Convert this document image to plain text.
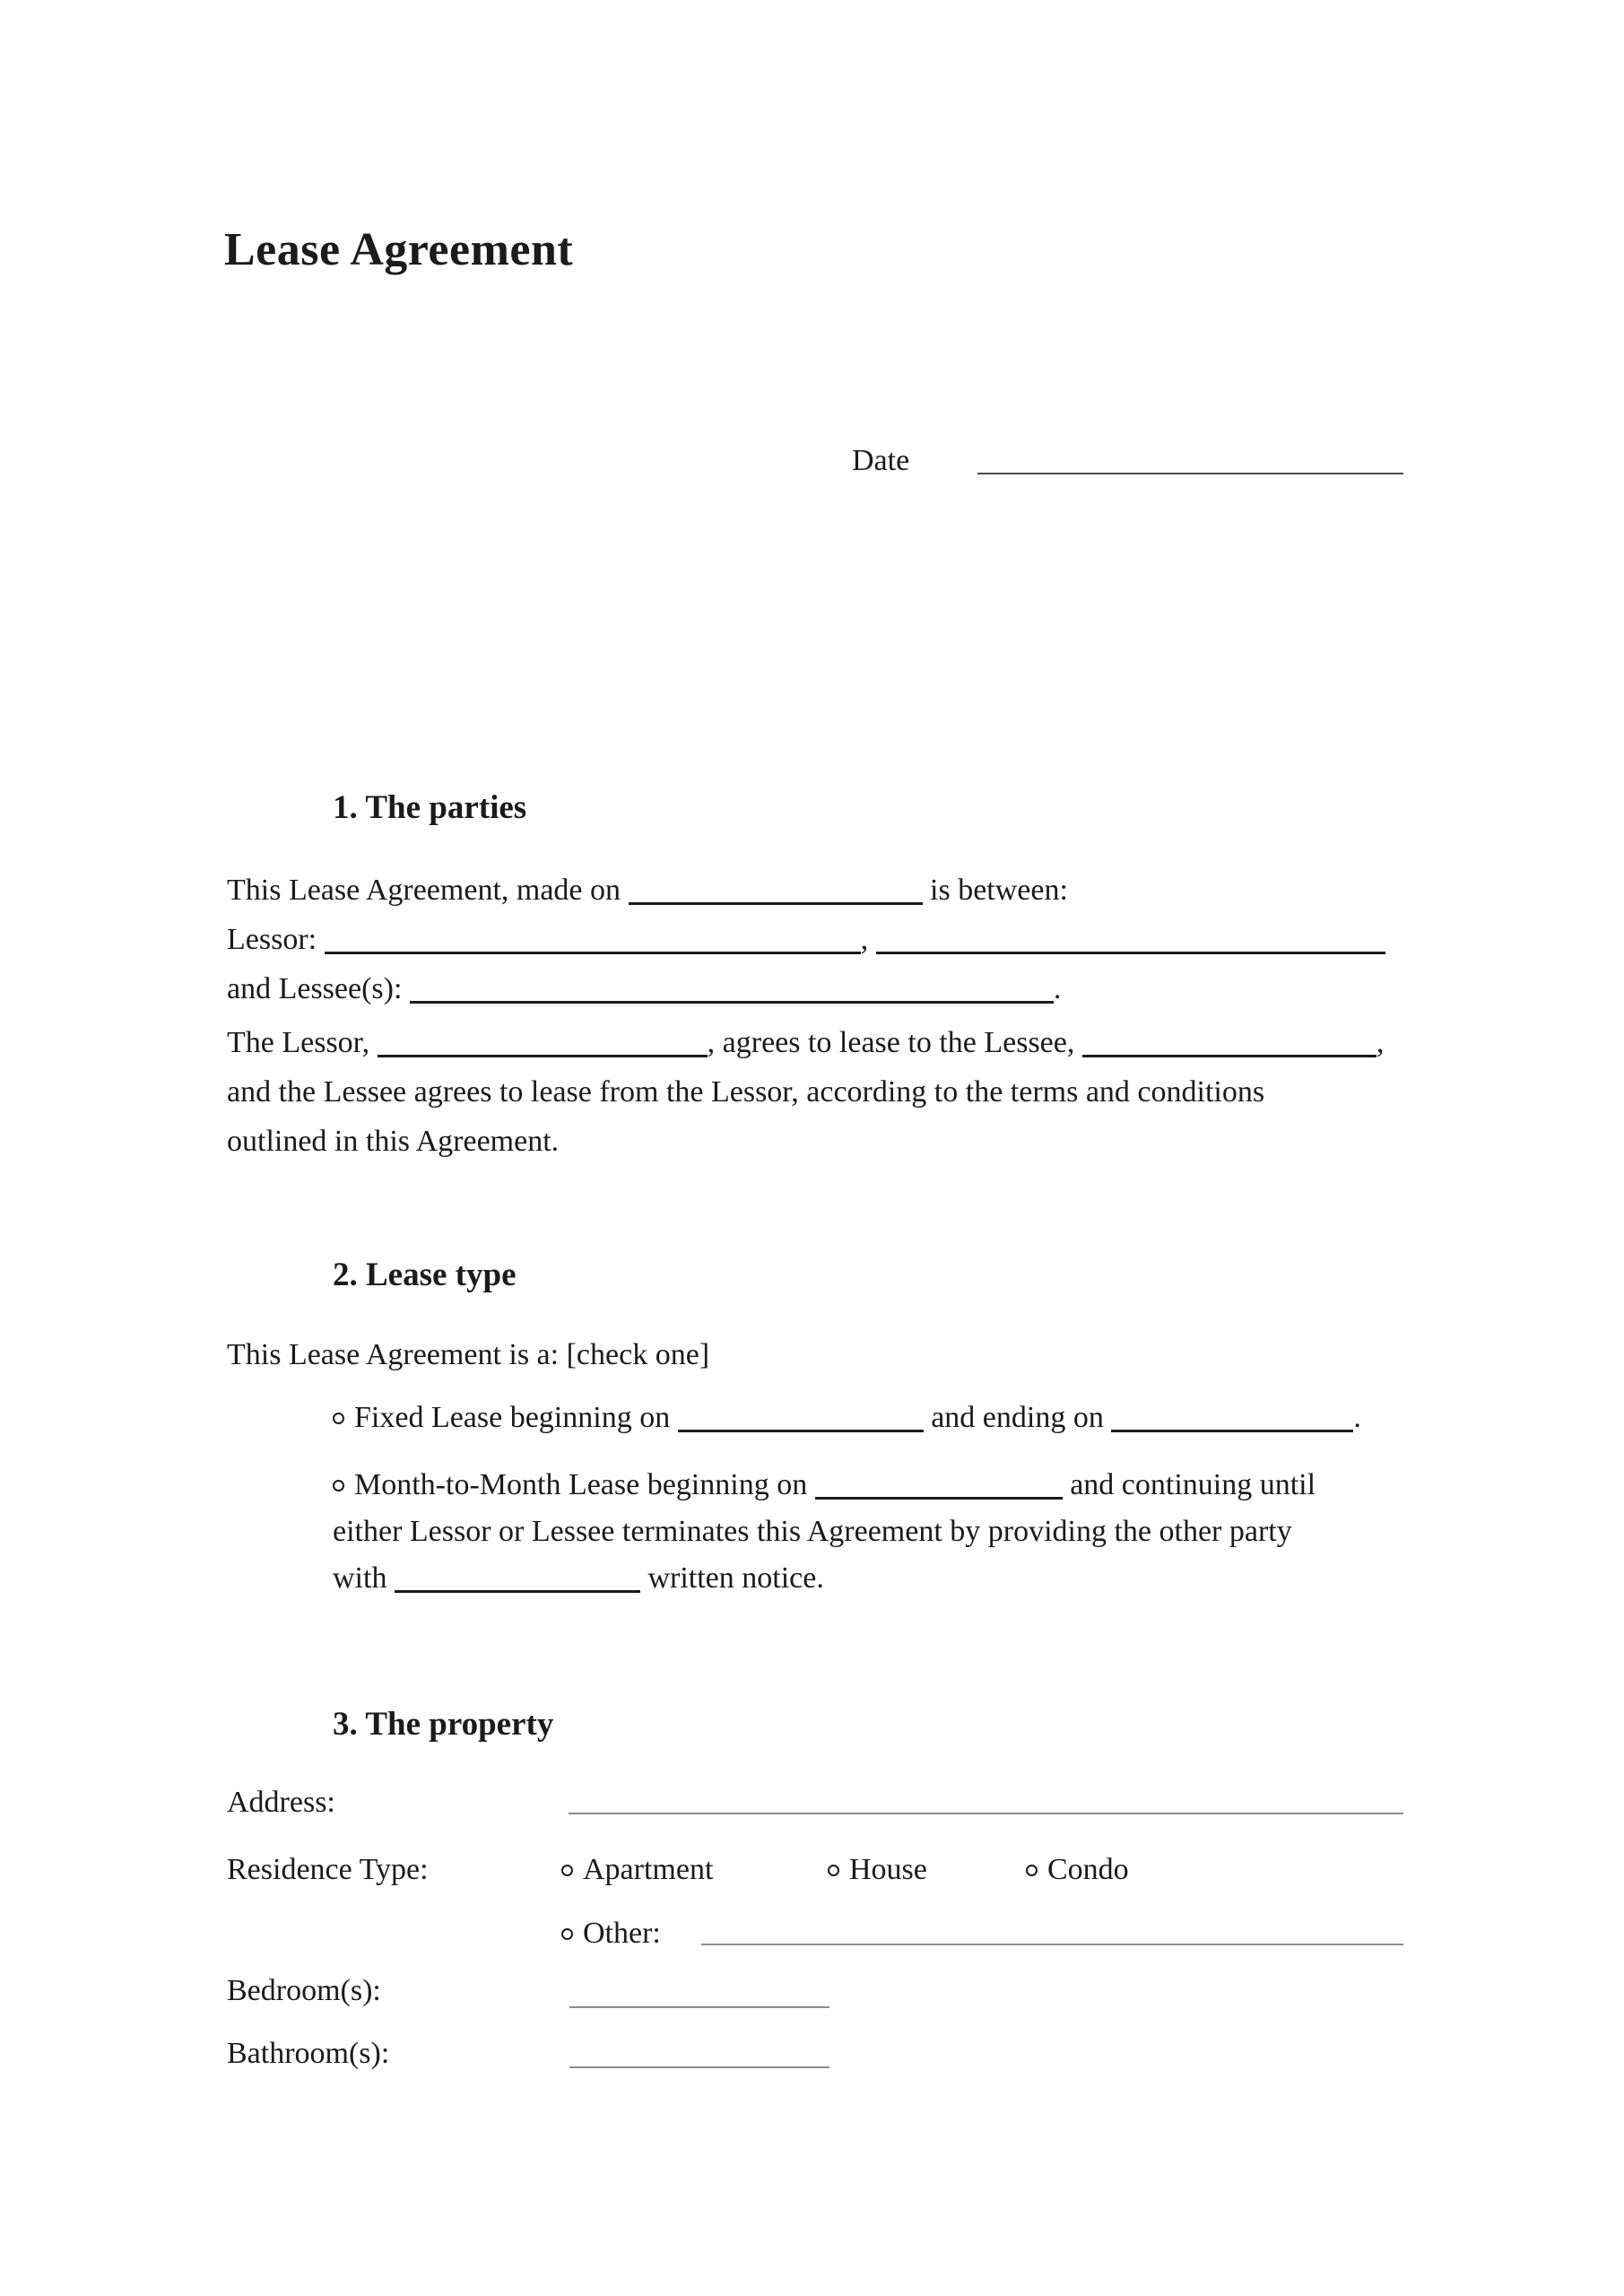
Lease Agreement
Date
1. The parties
This Lease Agreement, made on	is between:
Lessor:	,
and Lessee(s):	.
The Lessor,	, agrees to lease to the Lessee,	,
and the Lessee agrees to lease from the Lessor, according to the terms and conditions
outlined in this Agreement.
2. Lease type
This Lease Agreement is a: [check one]
Fixed Lease beginning on	and ending on	.
Month-to-Month Lease beginning on	and continuing until
either Lessor or Lessee terminates this Agreement by providing the other party
with	written notice.
3. The property
Address:
Residence Type:	Apartment	House	Condo
Other:
Bedroom(s):
Bathroom(s):
